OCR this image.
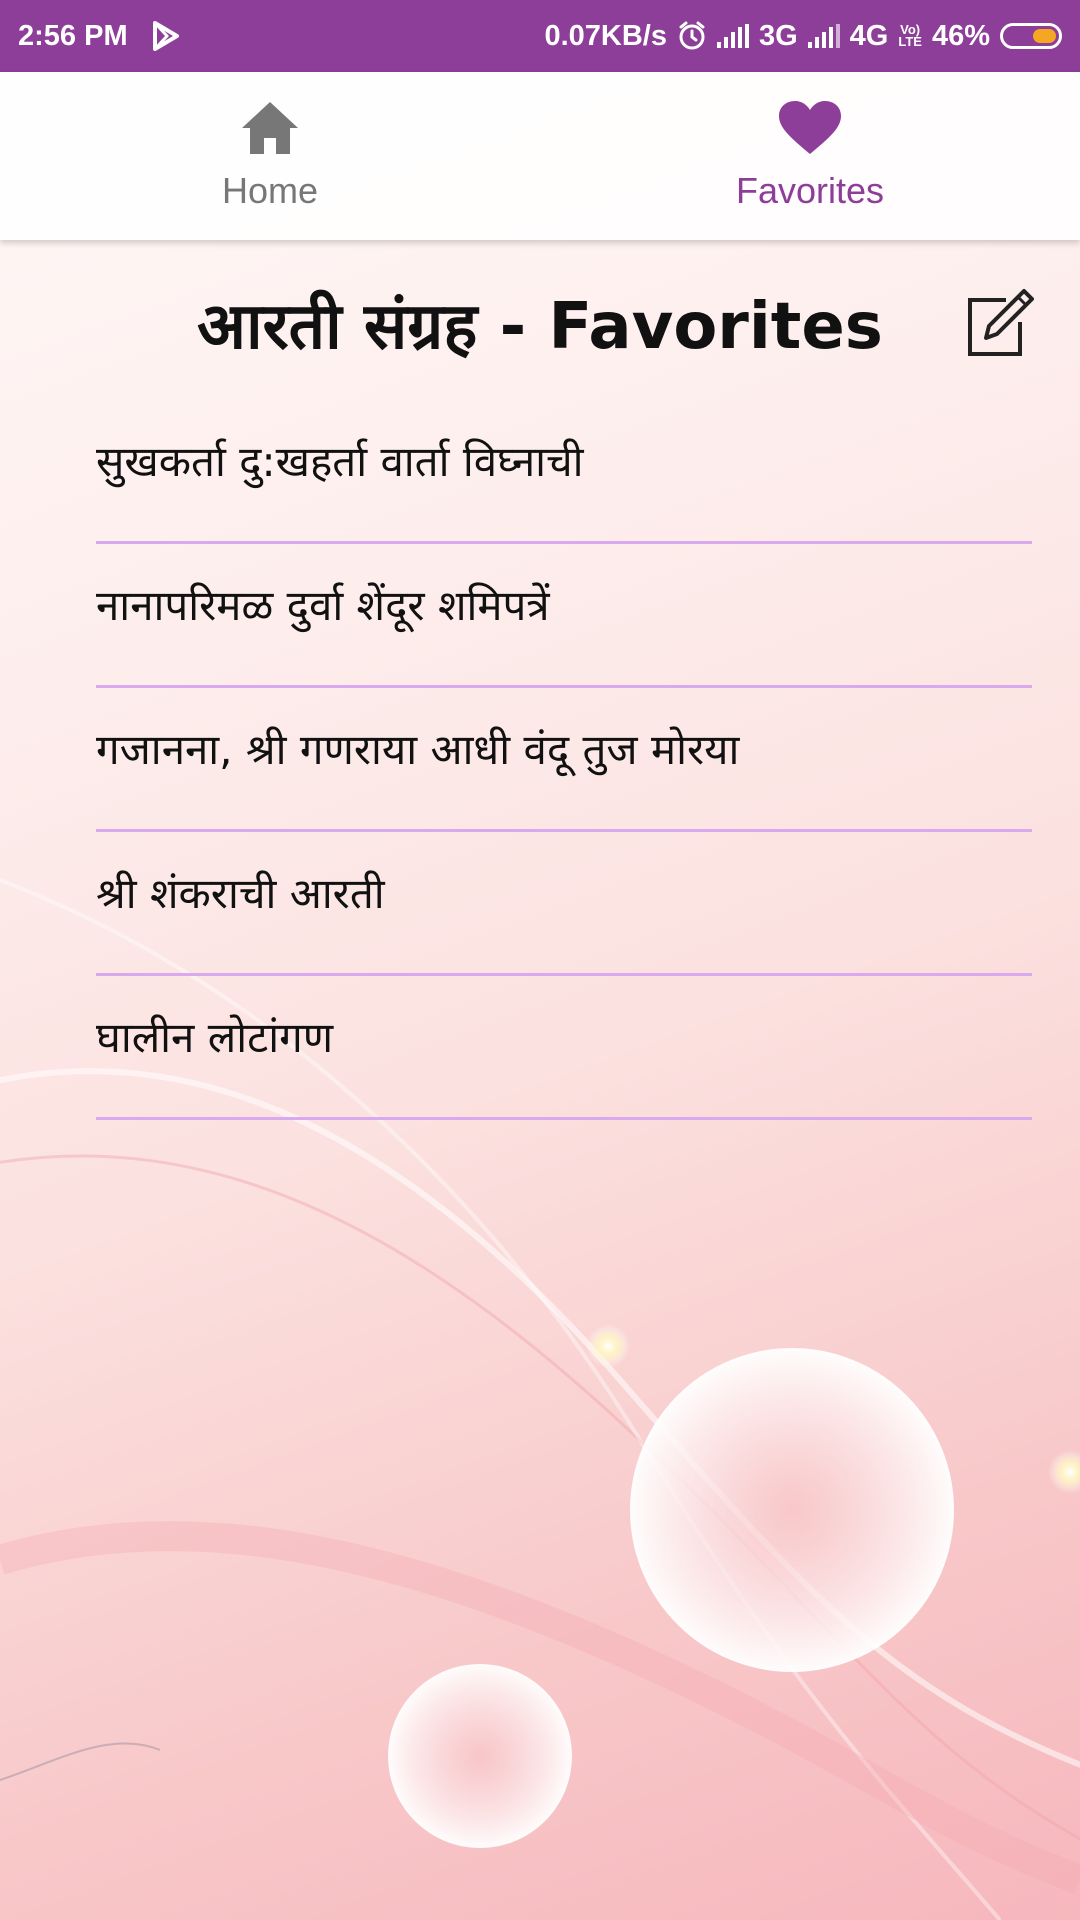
2:56 PM	0.07KB/s	3G 4G Vo)
LTE 46%
Home	Favorites
आरती संग्रह - Favorites
सुखकर्ता दु:खहर्ता वार्ता विघ्नाची
नानापरिमळ दुर्वा शेंदूर शमिपत्रें
गजानना, श्री गणराया आधी वंदू तुज मोरया
श्री शंकराची आरती
घालीन लोटांगण
